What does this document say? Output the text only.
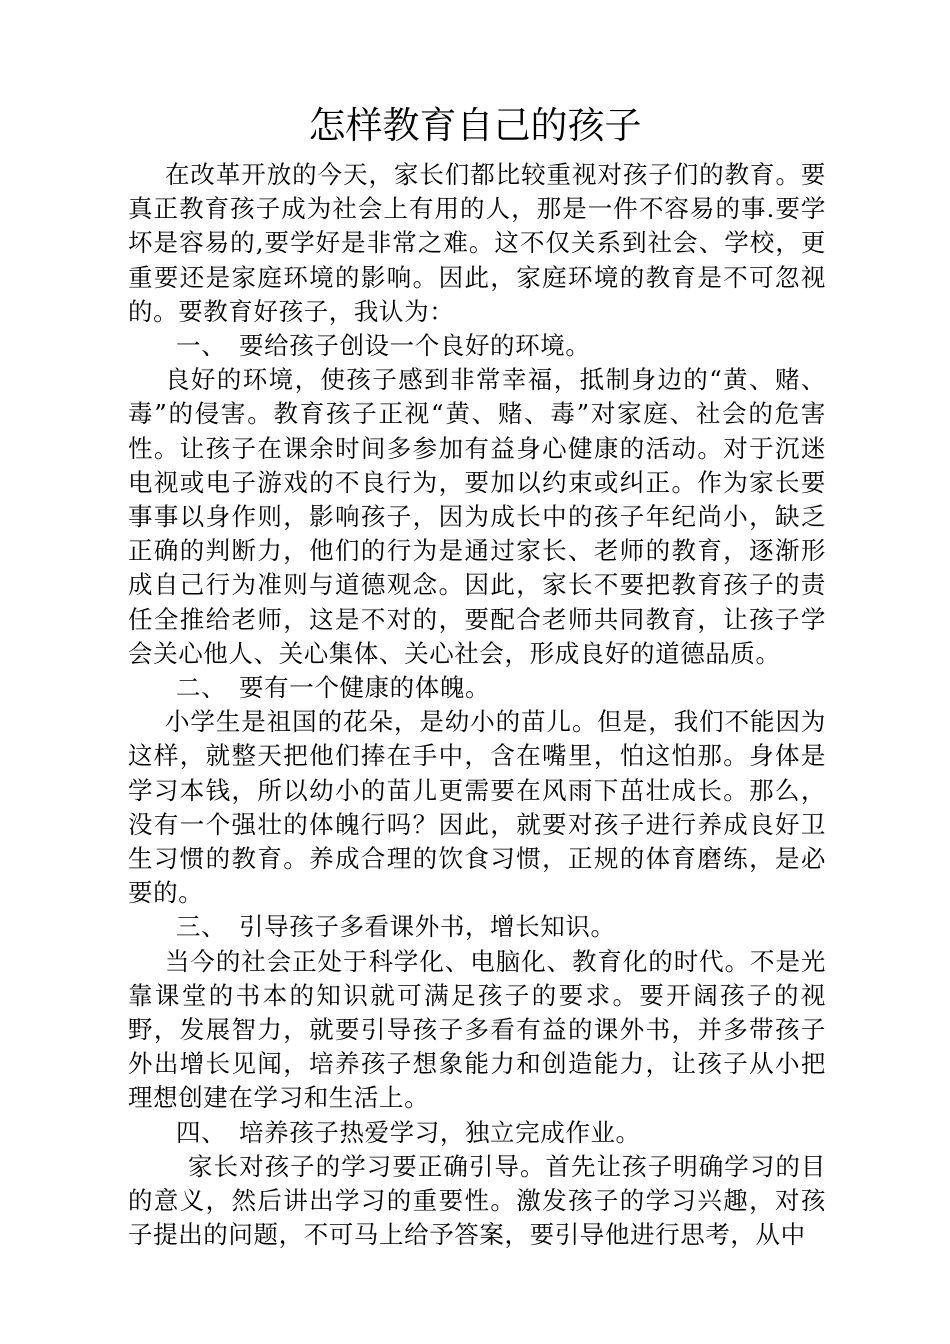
怎样教育自己的孩子

在改革开放的今天，家长们都比较重视对孩子们的教育。要真正教育孩子成为社会上有用的人，那是一件不容易的事.要学坏是容易的,要学好是非常之难。这不仅关系到社会、学校，更重要还是家庭环境的影响。因此，家庭环境的教育是不可忽视的。要教育好孩子，我认为：

一、　要给孩子创设一个良好的环境。

良好的环境，使孩子感到非常幸福，抵制身边的“黄、赌、毒”的侵害。教育孩子正视“黄、赌、毒”对家庭、社会的危害性。让孩子在课余时间多参加有益身心健康的活动。对于沉迷电视或电子游戏的不良行为，要加以约束或纠正。作为家长要事事以身作则，影响孩子，因为成长中的孩子年纪尚小，缺乏正确的判断力，他们的行为是通过家长、老师的教育，逐渐形成自己行为准则与道德观念。因此，家长不要把教育孩子的责任全推给老师，这是不对的，要配合老师共同教育，让孩子学会关心他人、关心集体、关心社会，形成良好的道德品质。

二、　要有一个健康的体魄。

小学生是祖国的花朵，是幼小的苗儿。但是，我们不能因为这样，就整天把他们捧在手中，含在嘴里，怕这怕那。身体是学习本钱，所以幼小的苗儿更需要在风雨下茁壮成长。那么，没有一个强壮的体魄行吗？因此，就要对孩子进行养成良好卫生习惯的教育。养成合理的饮食习惯，正规的体育磨练，是必要的。

三、　引导孩子多看课外书，增长知识。

当今的社会正处于科学化、电脑化、教育化的时代。不是光靠课堂的书本的知识就可满足孩子的要求。要开阔孩子的视野，发展智力，就要引导孩子多看有益的课外书，并多带孩子外出增长见闻，培养孩子想象能力和创造能力，让孩子从小把理想创建在学习和生活上。

四、　培养孩子热爱学习，独立完成作业。

家长对孩子的学习要正确引导。首先让孩子明确学习的目的意义，然后讲出学习的重要性。激发孩子的学习兴趣，对孩子提出的问题，不可马上给予答案，要引导他进行思考，从中
